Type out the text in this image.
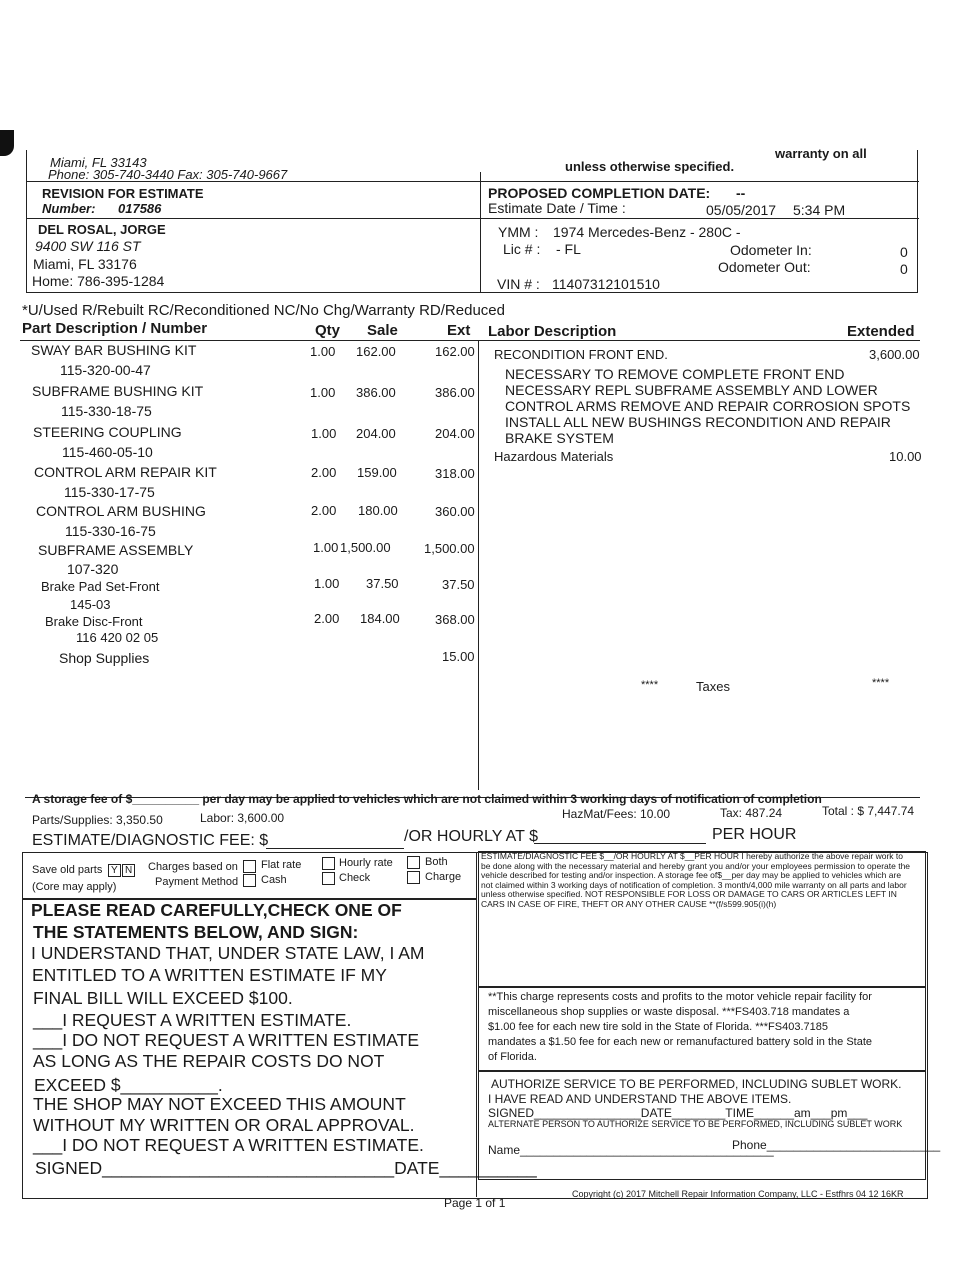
Miami, FL 33143
Phone: 305-740-3440 Fax: 305-740-9667
warranty on all
unless otherwise specified.
REVISION FOR ESTIMATE
Number: 017586
PROPOSED COMPLETION DATE: --
Estimate Date / Time :	05/05/2017 5:34 PM
DEL ROSAL, JORGE
9400 SW 116 ST
Miami, FL 33176
Home: 786-395-1284
YMM : 1974 Mercedes-Benz - 280C -
Lic # : - FL	Odometer In:	0
Odometer Out:	0
VIN # : 11407312101510
*U/Used R/Rebuilt RC/Reconditioned NC/No Chg/Warranty RD/Reduced
Part Description / Number	Qty Sale	Ext Labor Description	Extended
SWAY BAR BUSHING KIT
115-320-00-47
1.00 162.00	162.00
SUBFRAME BUSHING KIT
115-330-18-75
1.00 386.00	386.00
STEERING COUPLING
115-460-05-10
1.00 204.00	204.00
CONTROL ARM REPAIR KIT
115-330-17-75
2.00 159.00	318.00
CONTROL ARM BUSHING
115-330-16-75
2.00 180.00	360.00
SUBFRAME ASSEMBLY
107-320
1.00 1,500.00	1,500.00
Brake Pad Set-Front
145-03
1.00 37.50	37.50
Brake Disc-Front
116 420 02 05
2.00 184.00	368.00
Shop Supplies	15.00
RECONDITION FRONT END.	3,600.00
NECESSARY TO REMOVE COMPLETE FRONT END
NECESSARY REPL SUBFRAME ASSEMBLY AND LOWER
CONTROL ARMS REMOVE AND REPAIR CORROSION SPOTS
INSTALL ALL NEW BUSHINGS RECONDITION AND REPAIR
BRAKE SYSTEM
Hazardous Materials	10.00
****	Taxes	****
A storage fee of $__________ per day may be applied to vehicles which are not claimed within 3 working days of notification of completion
Parts/Supplies: 3,350.50	Labor: 3,600.00	HazMat/Fees: 10.00	Tax: 487.24	Total : $ 7,447.74
ESTIMATE/DIAGNOSTIC FEE: $	/OR HOURLY AT $	PER HOUR
Save old parts Y N
(Core may apply)
Charges based on
Payment Method
Flat rate
Cash
Hourly rate
Check
Both
Charge
PLEASE READ CAREFULLY,CHECK ONE OF
THE STATEMENTS BELOW, AND SIGN:
I UNDERSTAND THAT, UNDER STATE LAW, I AM
ENTITLED TO A WRITTEN ESTIMATE IF MY
FINAL BILL WILL EXCEED $100.
___I REQUEST A WRITTEN ESTIMATE.
___I DO NOT REQUEST A WRITTEN ESTIMATE
AS LONG AS THE REPAIR COSTS DO NOT
EXCEED $__________.
THE SHOP MAY NOT EXCEED THIS AMOUNT
WITHOUT MY WRITTEN OR ORAL APPROVAL.
___I DO NOT REQUEST A WRITTEN ESTIMATE.
SIGNED______________________________DATE__________
ESTIMATE/DIAGNOSTIC FEE $__/OR HOURLY AT $__PER HOUR I hereby authorize the above repair work to be done along with the necessary material and hereby grant you and/or your employees permission to operate the vehicle described for testing and/or inspection. A storage fee of$__per day may be applied to vehicles which are not claimed within 3 working days of notification of completion. 3 month/4,000 mile warranty on all parts and labor unless otherwise specified. NOT RESPONSIBLE FOR LOSS OR DAMAGE TO CARS OR ARTICLES LEFT IN CARS IN CASE OF FIRE, THEFT OR ANY OTHER CAUSE **(f/s599.905(i)(h)
**This charge represents costs and profits to the motor vehicle repair facility for miscellaneous shop supplies or waste disposal. ***FS403.718 mandates a $1.00 fee for each new tire sold in the State of Florida. ***FS403.7185 mandates a $1.50 fee for each new or remanufactured battery sold in the State of Florida.
AUTHORIZE SERVICE TO BE PERFORMED, INCLUDING SUBLET WORK.
I HAVE READ AND UNDERSTAND THE ABOVE ITEMS.
SIGNED________________DATE________TIME______am___pm___
ALTERNATE PERSON TO AUTHORIZE SERVICE TO BE PERFORMED, INCLUDING SUBLET WORK
Name______________________________________
Phone__________________________
Page 1 of 1
Copyright (c) 2017 Mitchell Repair Information Company, LLC - Estfhrs 04 12 16KR
